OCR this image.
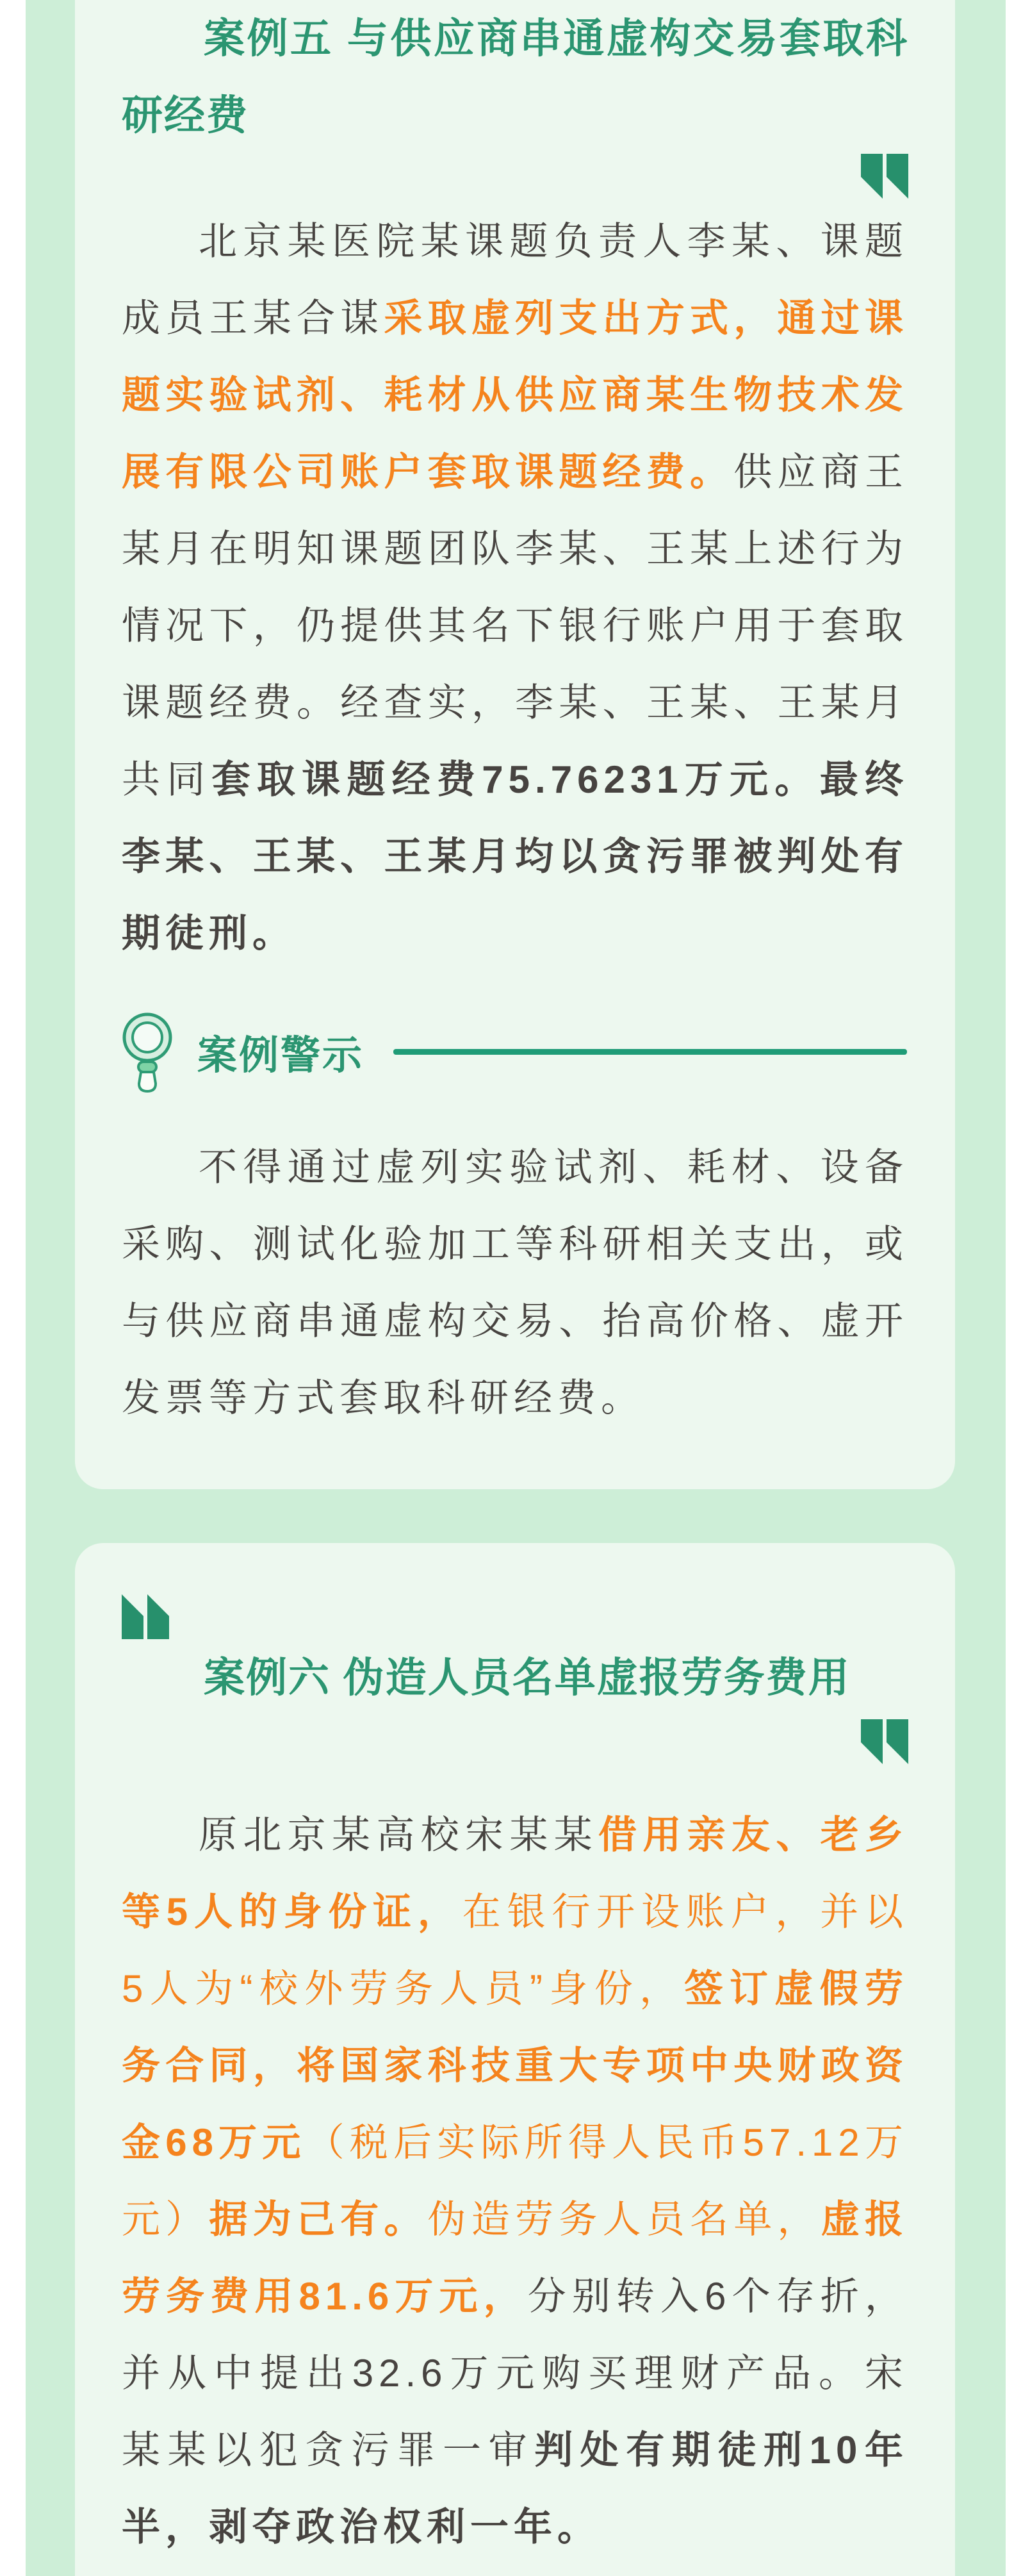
案例五 与供应商串通虚构交易套取科研经费

北京某医院某课题负责人李某、课题成员王某合谋采取虚列支出方式，通过课题实验试剂、耗材从供应商某生物技术发展有限公司账户套取课题经费。供应商王某月在明知课题团队李某、王某上述行为情况下，仍提供其名下银行账户用于套取课题经费。经查实，李某、王某、王某月共同套取课题经费75.76231万元。最终李某、王某、王某月均以贪污罪被判处有期徒刑。

案例警示

不得通过虚列实验试剂、耗材、设备采购、测试化验加工等科研相关支出，或与供应商串通虚构交易、抬高价格、虚开发票等方式套取科研经费。

案例六 伪造人员名单虚报劳务费用

原北京某高校宋某某借用亲友、老乡等5人的身份证，在银行开设账户，并以5人为“校外劳务人员”身份，签订虚假劳务合同，将国家科技重大专项中央财政资金68万元（税后实际所得人民币57.12万元）据为己有。伪造劳务人员名单，虚报劳务费用81.6万元，分别转入6个存折，并从中提出32.6万元购买理财产品。宋某某以犯贪污罪一审判处有期徒刑10年半，剥夺政治权利一年。
